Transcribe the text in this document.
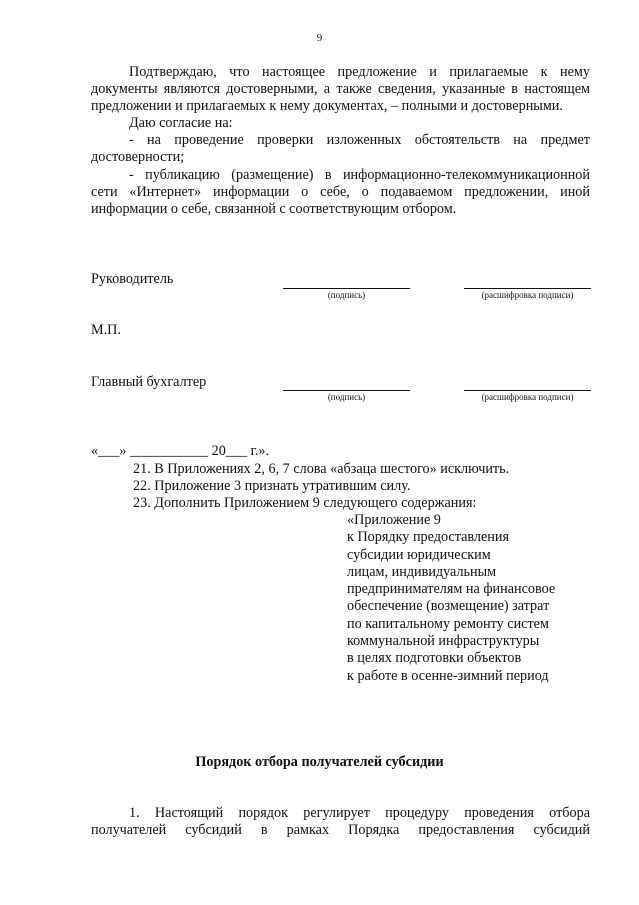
9
Подтверждаю, что настоящее предложение и прилагаемые к нему
документы являются достоверными, а также сведения, указанные в настоящем
предложении и прилагаемых к нему документах, – полными и достоверными.
Даю согласие на:
- на проведение проверки изложенных обстоятельств на предмет
достоверности;
- публикацию (размещение) в информационно-телекоммуникационной
сети «Интернет» информации о себе, о подаваемом предложении, иной
информации о себе, связанной с соответствующим отбором.
Руководитель
(подпись)	(расшифровка подписи)
М.П.
Главный бухгалтер
(подпись)	(расшифровка подписи)
«___» ___________ 20___ г.».
21. В Приложениях 2, 6, 7 слова «абзаца шестого» исключить.
22. Приложение 3 признать утратившим силу.
23. Дополнить Приложением 9 следующего содержания:
«Приложение 9
к Порядку предоставления
субсидии юридическим
лицам, индивидуальным
предпринимателям на финансовое
обеспечение (возмещение) затрат
по капитальному ремонту систем
коммунальной инфраструктуры
в целях подготовки объектов
к работе в осенне-зимний период
Порядок отбора получателей субсидии
1. Настоящий порядок регулирует процедуру проведения отбора
получателей субсидий в рамках Порядка предоставления субсидий
